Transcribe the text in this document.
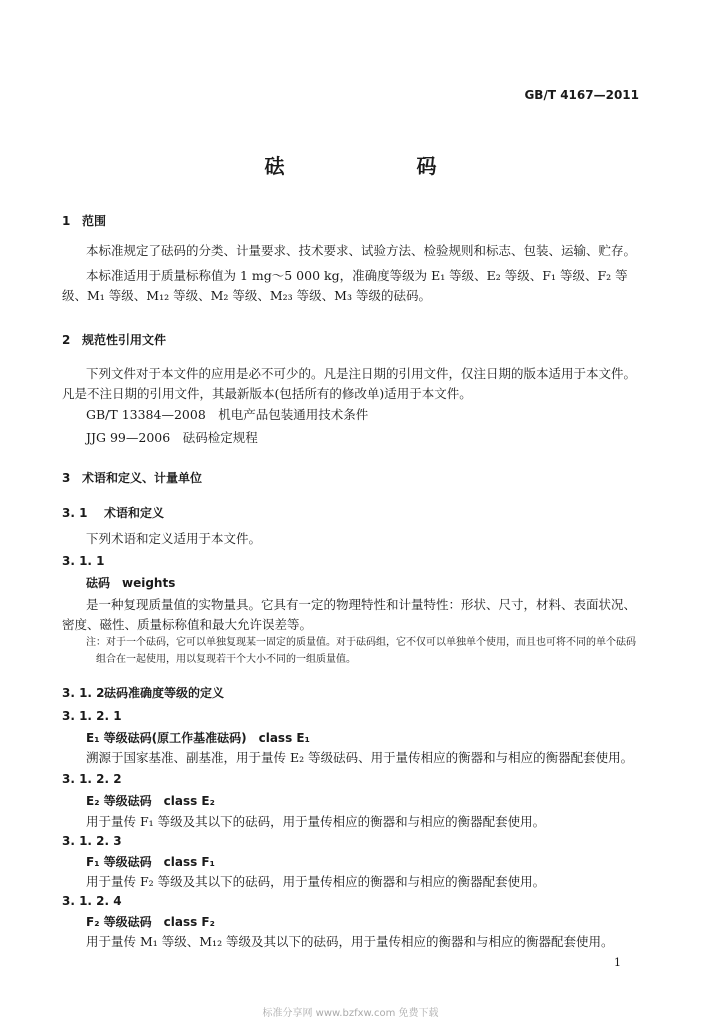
GB/T 4167—2011
砝　码
1 范围
本标准规定了砝码的分类、计量要求、技术要求、试验方法、检验规则和标志、包装、运输、贮存。
本标准适用于质量标称值为 1 mg～5 000 kg，准确度等级为 E₁ 等级、E₂ 等级、F₁ 等级、F₂ 等级、M₁ 等级、M₁₂ 等级、M₂ 等级、M₂₃ 等级、M₃ 等级的砝码。
2 规范性引用文件
下列文件对于本文件的应用是必不可少的。凡是注日期的引用文件，仅注日期的版本适用于本文件。凡是不注日期的引用文件，其最新版本(包括所有的修改单)适用于本文件。
GB/T 13384—2008　机电产品包装通用技术条件
JJG 99—2006　砝码检定规程
3 术语和定义、计量单位
3. 1 术语和定义
下列术语和定义适用于本文件。
3. 1. 1
砝码　weights
是一种复现质量值的实物量具。它具有一定的物理特性和计量特性：形状、尺寸，材料、表面状况、密度、磁性、质量标称值和最大允许误差等。
注：对于一个砝码，它可以单独复现某一固定的质量值。对于砝码组，它不仅可以单独单个使用，而且也可将不同的单个砝码组合在一起使用，用以复现若干个大小不同的一组质量值。
3. 1. 2砝码准确度等级的定义
3. 1. 2. 1
E₁ 等级砝码(原工作基准砝码)　class E₁
溯源于国家基准、副基准，用于量传 E₂ 等级砝码、用于量传相应的衡器和与相应的衡器配套使用。
3. 1. 2. 2
E₂ 等级砝码　class E₂
用于量传 F₁ 等级及其以下的砝码，用于量传相应的衡器和与相应的衡器配套使用。
3. 1. 2. 3
F₁ 等级砝码　class F₁
用于量传 F₂ 等级及其以下的砝码，用于量传相应的衡器和与相应的衡器配套使用。
3. 1. 2. 4
F₂ 等级砝码　class F₂
用于量传 M₁ 等级、M₁₂ 等级及其以下的砝码，用于量传相应的衡器和与相应的衡器配套使用。
1
标准分享网 www.bzfxw.com 免费下载
